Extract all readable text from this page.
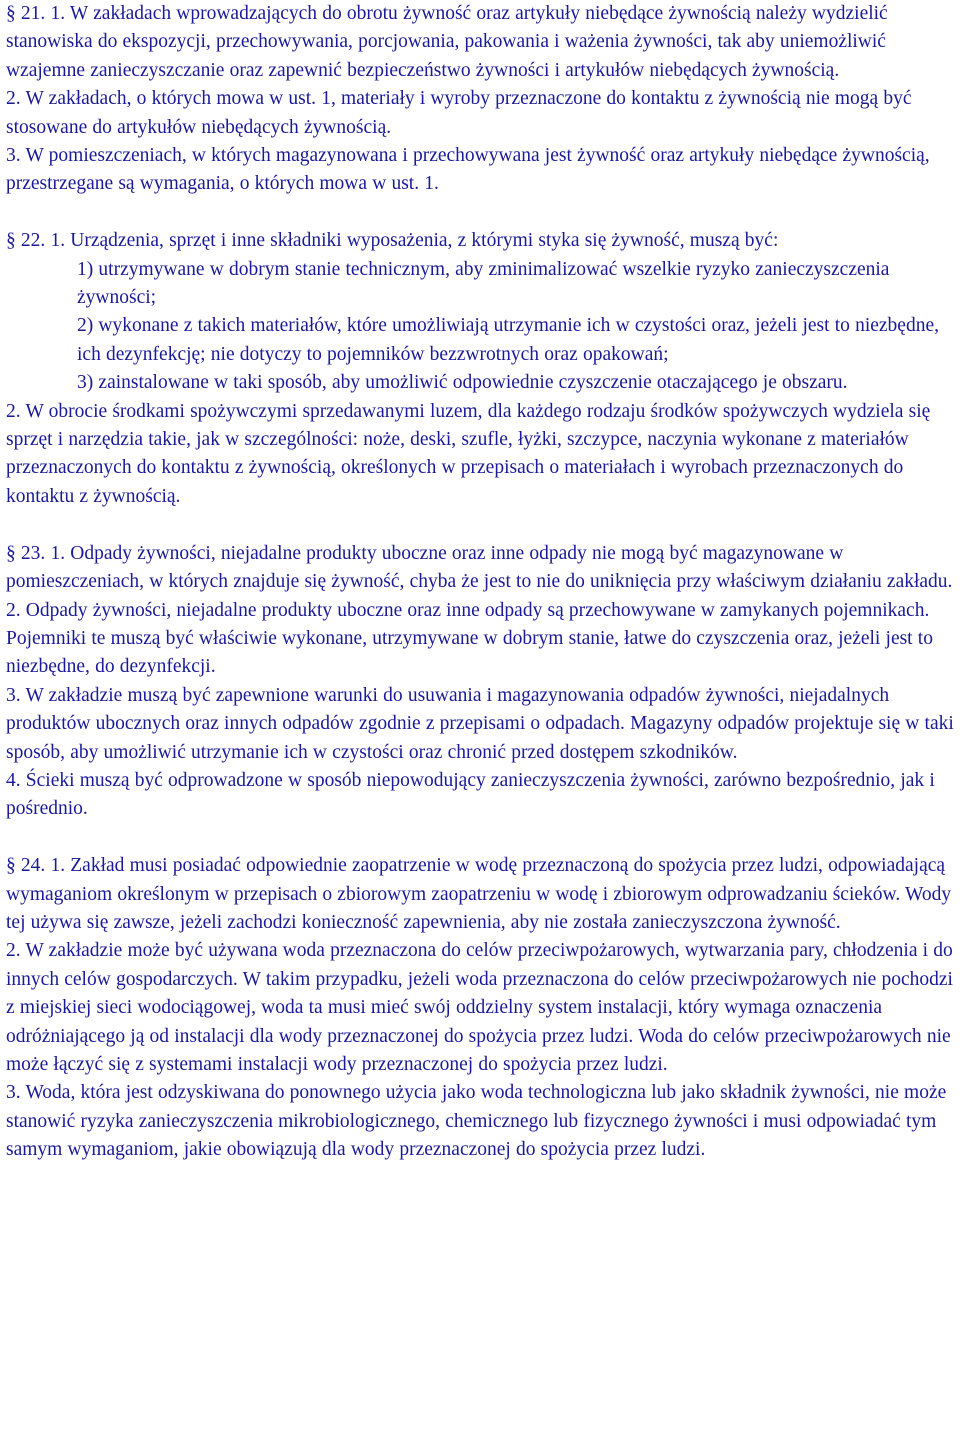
§ 21. 1. W zakładach wprowadzających do obrotu żywność oraz artykuły niebędące żywnością należy wydzielić stanowiska do ekspozycji, przechowywania, porcjowania, pakowania i ważenia żywności, tak aby uniemożliwić wzajemne zanieczyszczanie oraz zapewnić bezpieczeństwo żywności i artykułów niebędących żywnością.

2. W zakładach, o których mowa w ust. 1, materiały i wyroby przeznaczone do kontaktu z żywnością nie mogą być stosowane do artykułów niebędących żywnością.

3. W pomieszczeniach, w których magazynowana i przechowywana jest żywność oraz artykuły niebędące żywnością, przestrzegane są wymagania, o których mowa w ust. 1.

§ 22. 1. Urządzenia, sprzęt i inne składniki wyposażenia, z którymi styka się żywność, muszą być:

1) utrzymywane w dobrym stanie technicznym, aby zminimalizować wszelkie ryzyko zanieczyszczenia żywności;

2) wykonane z takich materiałów, które umożliwiają utrzymanie ich w czystości oraz, jeżeli jest to niezbędne, ich dezynfekcję; nie dotyczy to pojemników bezzwrotnych oraz opakowań;

3) zainstalowane w taki sposób, aby umożliwić odpowiednie czyszczenie otaczającego je obszaru.

2. W obrocie środkami spożywczymi sprzedawanymi luzem, dla każdego rodzaju środków spożywczych wydziela się sprzęt i narzędzia takie, jak w szczególności: noże, deski, szufle, łyżki, szczypce, naczynia wykonane z materiałów przeznaczonych do kontaktu z żywnością, określonych w przepisach o materiałach i wyrobach przeznaczonych do kontaktu z żywnością.

§ 23. 1. Odpady żywności, niejadalne produkty uboczne oraz inne odpady nie mogą być magazynowane w pomieszczeniach, w których znajduje się żywność, chyba że jest to nie do uniknięcia przy właściwym działaniu zakładu.

2. Odpady żywności, niejadalne produkty uboczne oraz inne odpady są przechowywane w zamykanych pojemnikach. Pojemniki te muszą być właściwie wykonane, utrzymywane w dobrym stanie, łatwe do czyszczenia oraz, jeżeli jest to niezbędne, do dezynfekcji.

3. W zakładzie muszą być zapewnione warunki do usuwania i magazynowania odpadów żywności, niejadalnych produktów ubocznych oraz innych odpadów zgodnie z przepisami o odpadach. Magazyny odpadów projektuje się w taki sposób, aby umożliwić utrzymanie ich w czystości oraz chronić przed dostępem szkodników.

4. Ścieki muszą być odprowadzone w sposób niepowodujący zanieczyszczenia żywności, zarówno bezpośrednio, jak i pośrednio.

§ 24. 1. Zakład musi posiadać odpowiednie zaopatrzenie w wodę przeznaczoną do spożycia przez ludzi, odpowiadającą wymaganiom określonym w przepisach o zbiorowym zaopatrzeniu w wodę i zbiorowym odprowadzaniu ścieków. Wody tej używa się zawsze, jeżeli zachodzi konieczność zapewnienia, aby nie została zanieczyszczona żywność.

2. W zakładzie może być używana woda przeznaczona do celów przeciwpożarowych, wytwarzania pary, chłodzenia i do innych celów gospodarczych. W takim przypadku, jeżeli woda przeznaczona do celów przeciwpożarowych nie pochodzi z miejskiej sieci wodociągowej, woda ta musi mieć swój oddzielny system instalacji, który wymaga oznaczenia odróżniającego ją od instalacji dla wody przeznaczonej do spożycia przez ludzi. Woda do celów przeciwpożarowych nie może łączyć się z systemami instalacji wody przeznaczonej do spożycia przez ludzi.

3. Woda, która jest odzyskiwana do ponownego użycia jako woda technologiczna lub jako składnik żywności, nie może stanowić ryzyka zanieczyszczenia mikrobiologicznego, chemicznego lub fizycznego żywności i musi odpowiadać tym samym wymaganiom, jakie obowiązują dla wody przeznaczonej do spożycia przez ludzi.
